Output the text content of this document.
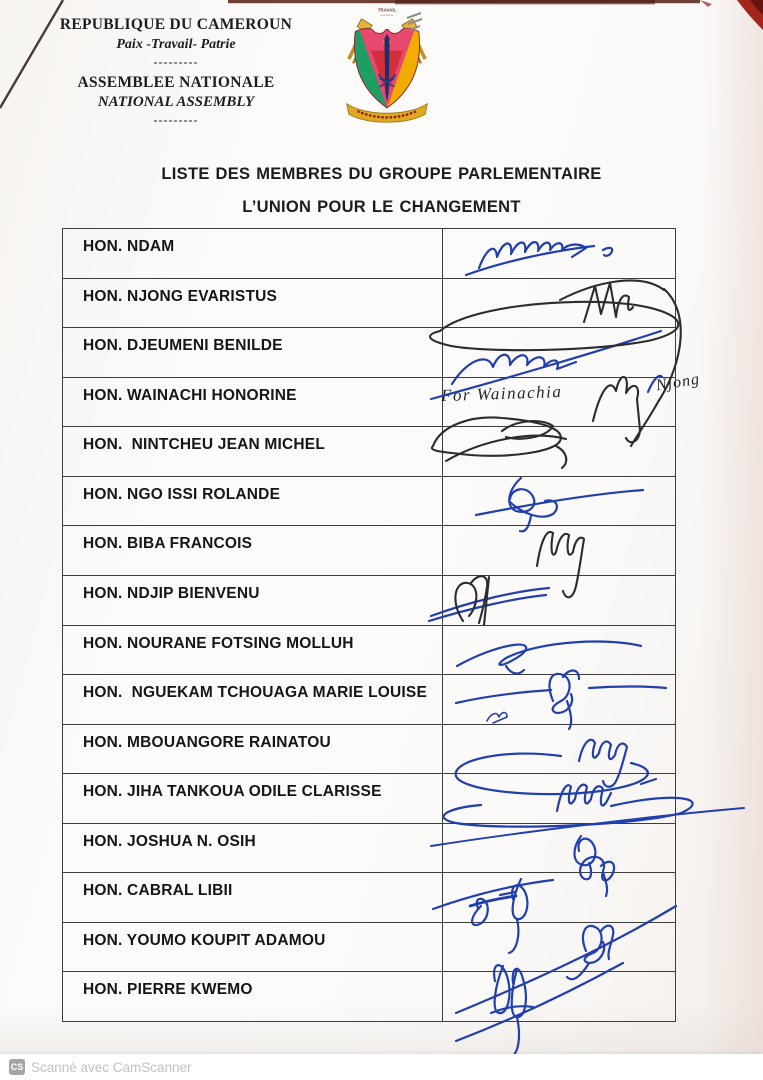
REPUBLIQUE DU CAMEROUN
Paix -Travail- Patrie
---------
ASSEMBLEE NATIONALE
NATIONAL ASSEMBLY
---------
TRAVAIL
LISTE DES MEMBRES DU GROUPE PARLEMENTAIRE
L’UNION POUR LE CHANGEMENT
HON. NDAM
HON. NJONG EVARISTUS
HON. DJEUMENI BENILDE
HON. WAINACHI HONORINE
HON.  NINTCHEU JEAN MICHEL
HON. NGO ISSI ROLANDE
HON. BIBA FRANCOIS
HON. NDJIP BIENVENU
HON. NOURANE FOTSING MOLLUH
HON.  NGUEKAM TCHOUAGA MARIE LOUISE
HON. MBOUANGORE RAINATOU
HON. JIHA TANKOUA ODILE CLARISSE
HON. JOSHUA N. OSIH
HON. CABRAL LIBII
HON. YOUMO KOUPIT ADAMOU
HON. PIERRE KWEMO
For Wainachia	Njong
CS Scanné avec CamScanner
